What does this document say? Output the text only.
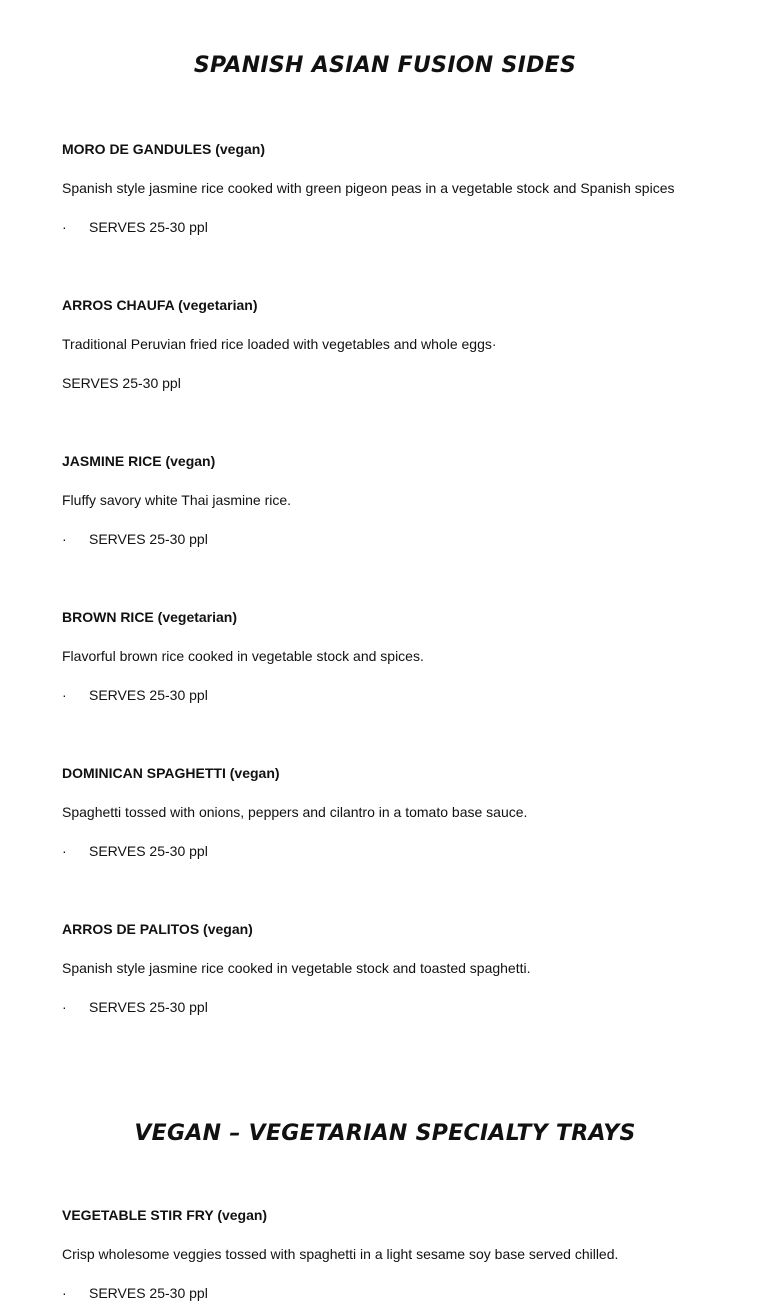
SPANISH ASIAN FUSION SIDES

MORO DE GANDULES (vegan)

Spanish style jasmine rice cooked with green pigeon peas in a vegetable stock and Spanish spices

· SERVES 25-30 ppl

ARROS CHAUFA (vegetarian)

Traditional Peruvian fried rice loaded with vegetables and whole eggs·

SERVES 25-30 ppl

JASMINE RICE (vegan)

Fluffy savory white Thai jasmine rice.

· SERVES 25-30 ppl

BROWN RICE (vegetarian)

Flavorful brown rice cooked in vegetable stock and spices.

· SERVES 25-30 ppl

DOMINICAN SPAGHETTI (vegan)

Spaghetti tossed with onions, peppers and cilantro in a tomato base sauce.

· SERVES 25-30 ppl

ARROS DE PALITOS (vegan)

Spanish style jasmine rice cooked in vegetable stock and toasted spaghetti.

· SERVES 25-30 ppl

VEGAN – VEGETARIAN SPECIALTY TRAYS

VEGETABLE STIR FRY (vegan)

Crisp wholesome veggies tossed with spaghetti in a light sesame soy base served chilled.

· SERVES 25-30 ppl
